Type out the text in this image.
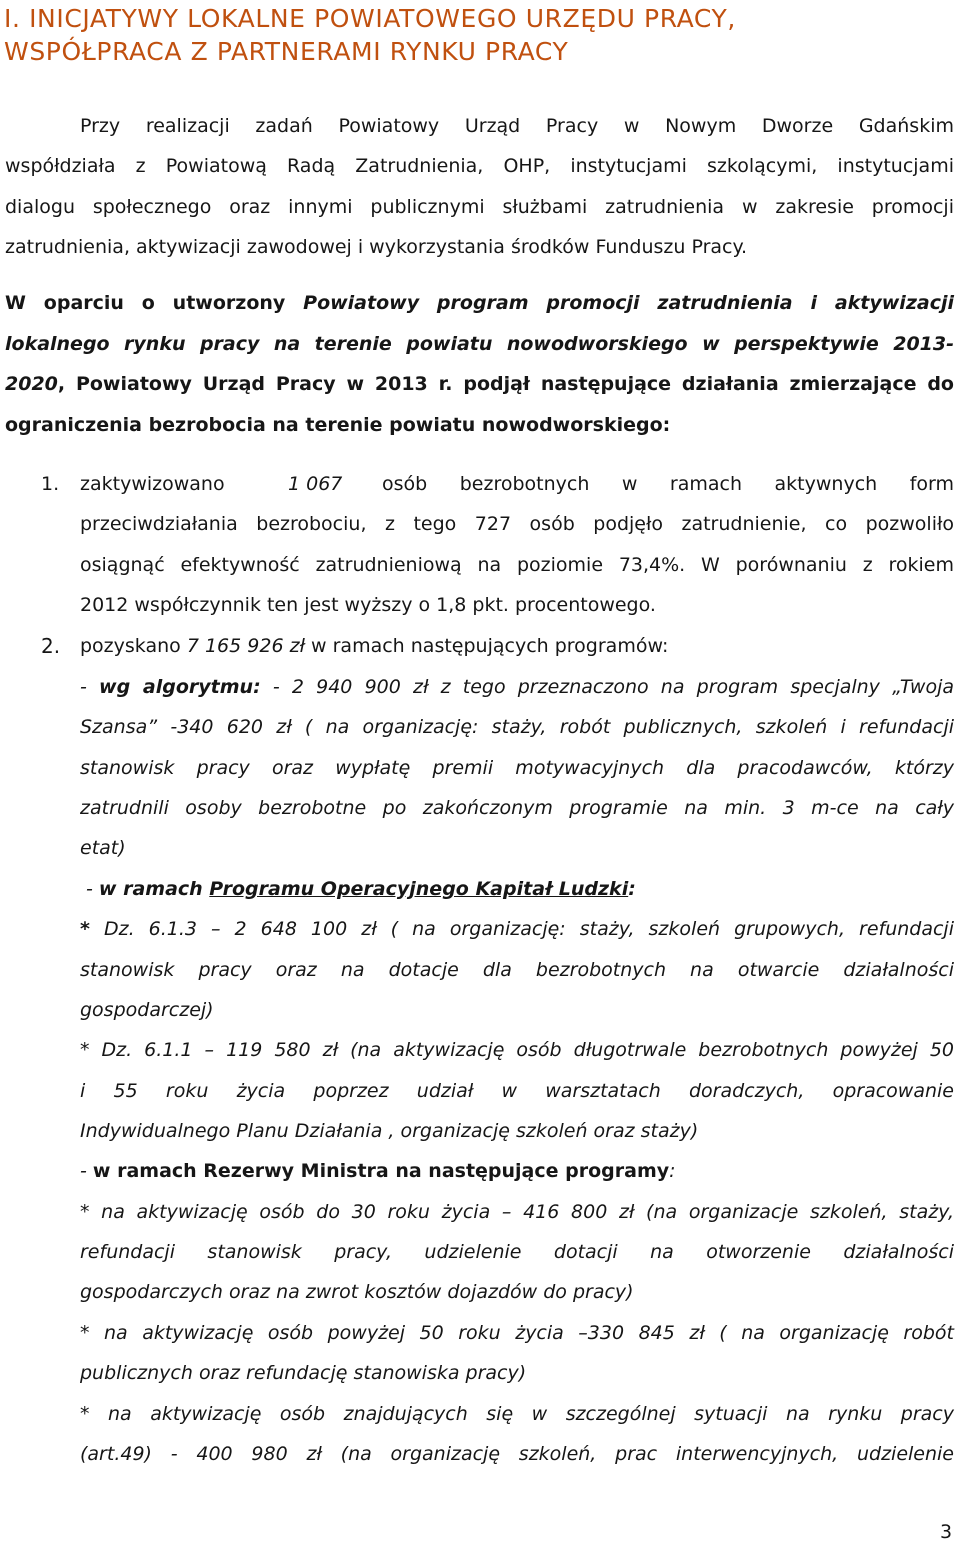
I. INICJATYWY LOKALNE POWIATOWEGO URZĘDU PRACY,
WSPÓŁPRACA Z PARTNERAMI RYNKU PRACY
Przy realizacji zadań Powiatowy Urząd Pracy w Nowym Dworze Gdańskim
współdziała z Powiatową Radą Zatrudnienia, OHP, instytucjami szkolącymi, instytucjami
dialogu społecznego oraz innymi publicznymi służbami zatrudnienia w zakresie promocji
zatrudnienia, aktywizacji zawodowej i wykorzystania środków Funduszu Pracy.
W oparciu o utworzony Powiatowy program promocji zatrudnienia i aktywizacji
lokalnego rynku pracy na terenie powiatu nowodworskiego w perspektywie 2013-
2020, Powiatowy Urząd Pracy w 2013 r. podjął następujące działania zmierzające do
ograniczenia bezrobocia na terenie powiatu nowodworskiego:
1. zaktywizowano	1 067 osób bezrobotnych w ramach aktywnych form
przeciwdziałania bezrobociu, z tego 727 osób podjęło zatrudnienie, co pozwoliło
osiągnąć efektywność zatrudnieniową na poziomie 73,4%. W porównaniu z rokiem
2012 współczynnik ten jest wyższy o 1,8 pkt. procentowego.
2. pozyskano 7 165 926 zł w ramach następujących programów:
- wg algorytmu: - 2 940 900 zł z tego przeznaczono na program specjalny „Twoja
Szansa” -340 620 zł ( na organizację: staży, robót publicznych, szkoleń i refundacji
stanowisk pracy oraz wypłatę premii motywacyjnych dla pracodawców, którzy
zatrudnili osoby bezrobotne po zakończonym programie na min. 3 m-ce na cały
etat)
- w ramach Programu Operacyjnego Kapitał Ludzki:
* Dz. 6.1.3 – 2 648 100 zł ( na organizację: staży, szkoleń grupowych, refundacji
stanowisk pracy oraz na dotacje dla bezrobotnych na otwarcie działalności
gospodarczej)
* Dz. 6.1.1 – 119 580 zł (na aktywizację osób długotrwale bezrobotnych powyżej 50
i 55 roku życia poprzez udział w warsztatach doradczych, opracowanie
Indywidualnego Planu Działania , organizację szkoleń oraz staży)
- w ramach Rezerwy Ministra na następujące programy:
* na aktywizację osób do 30 roku życia – 416 800 zł (na organizacje szkoleń, staży,
refundacji stanowisk pracy, udzielenie dotacji na otworzenie działalności
gospodarczych oraz na zwrot kosztów dojazdów do pracy)
* na aktywizację osób powyżej 50 roku życia –330 845 zł ( na organizację robót
publicznych oraz refundację stanowiska pracy)
* na aktywizację osób znajdujących się w szczególnej sytuacji na rynku pracy
(art.49) - 400 980 zł (na organizację szkoleń, prac interwencyjnych, udzielenie
3
